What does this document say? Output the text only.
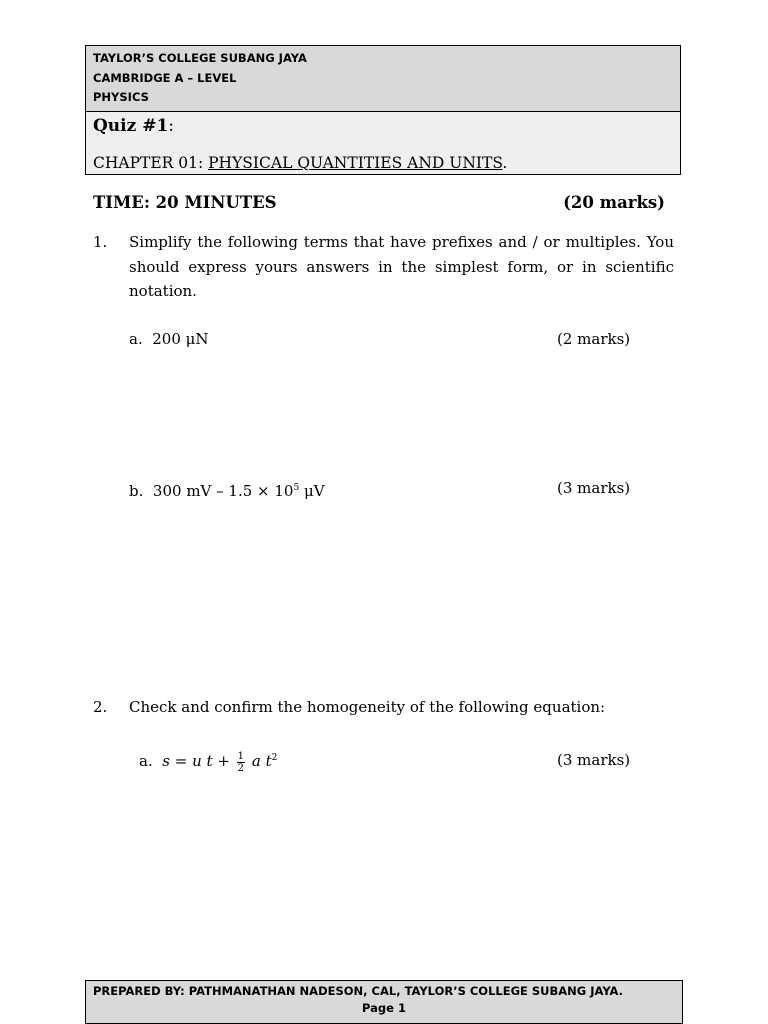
TAYLOR’S COLLEGE SUBANG JAYA
CAMBRIDGE A – LEVEL
PHYSICS
Quiz #1:
CHAPTER 01: PHYSICAL QUANTITIES AND UNITS.
TIME: 20 MINUTES	(20 marks)
1. Simplify the following terms that have prefixes and / or multiples. You should express yours answers in the simplest form, or in scientific notation.
a. 200 μN	(2 marks)
b. 300 mV – $1.5 \times 10^5$ μV	(3 marks)
2. Check and confirm the homogeneity of the following equation:
a. s = u $t + \frac{1}{2}$ a $t^2$	(3 marks)
PREPARED BY: PATHMANATHAN NADESON, CAL, TAYLOR’S COLLEGE SUBANG JAYA.
Page 1
